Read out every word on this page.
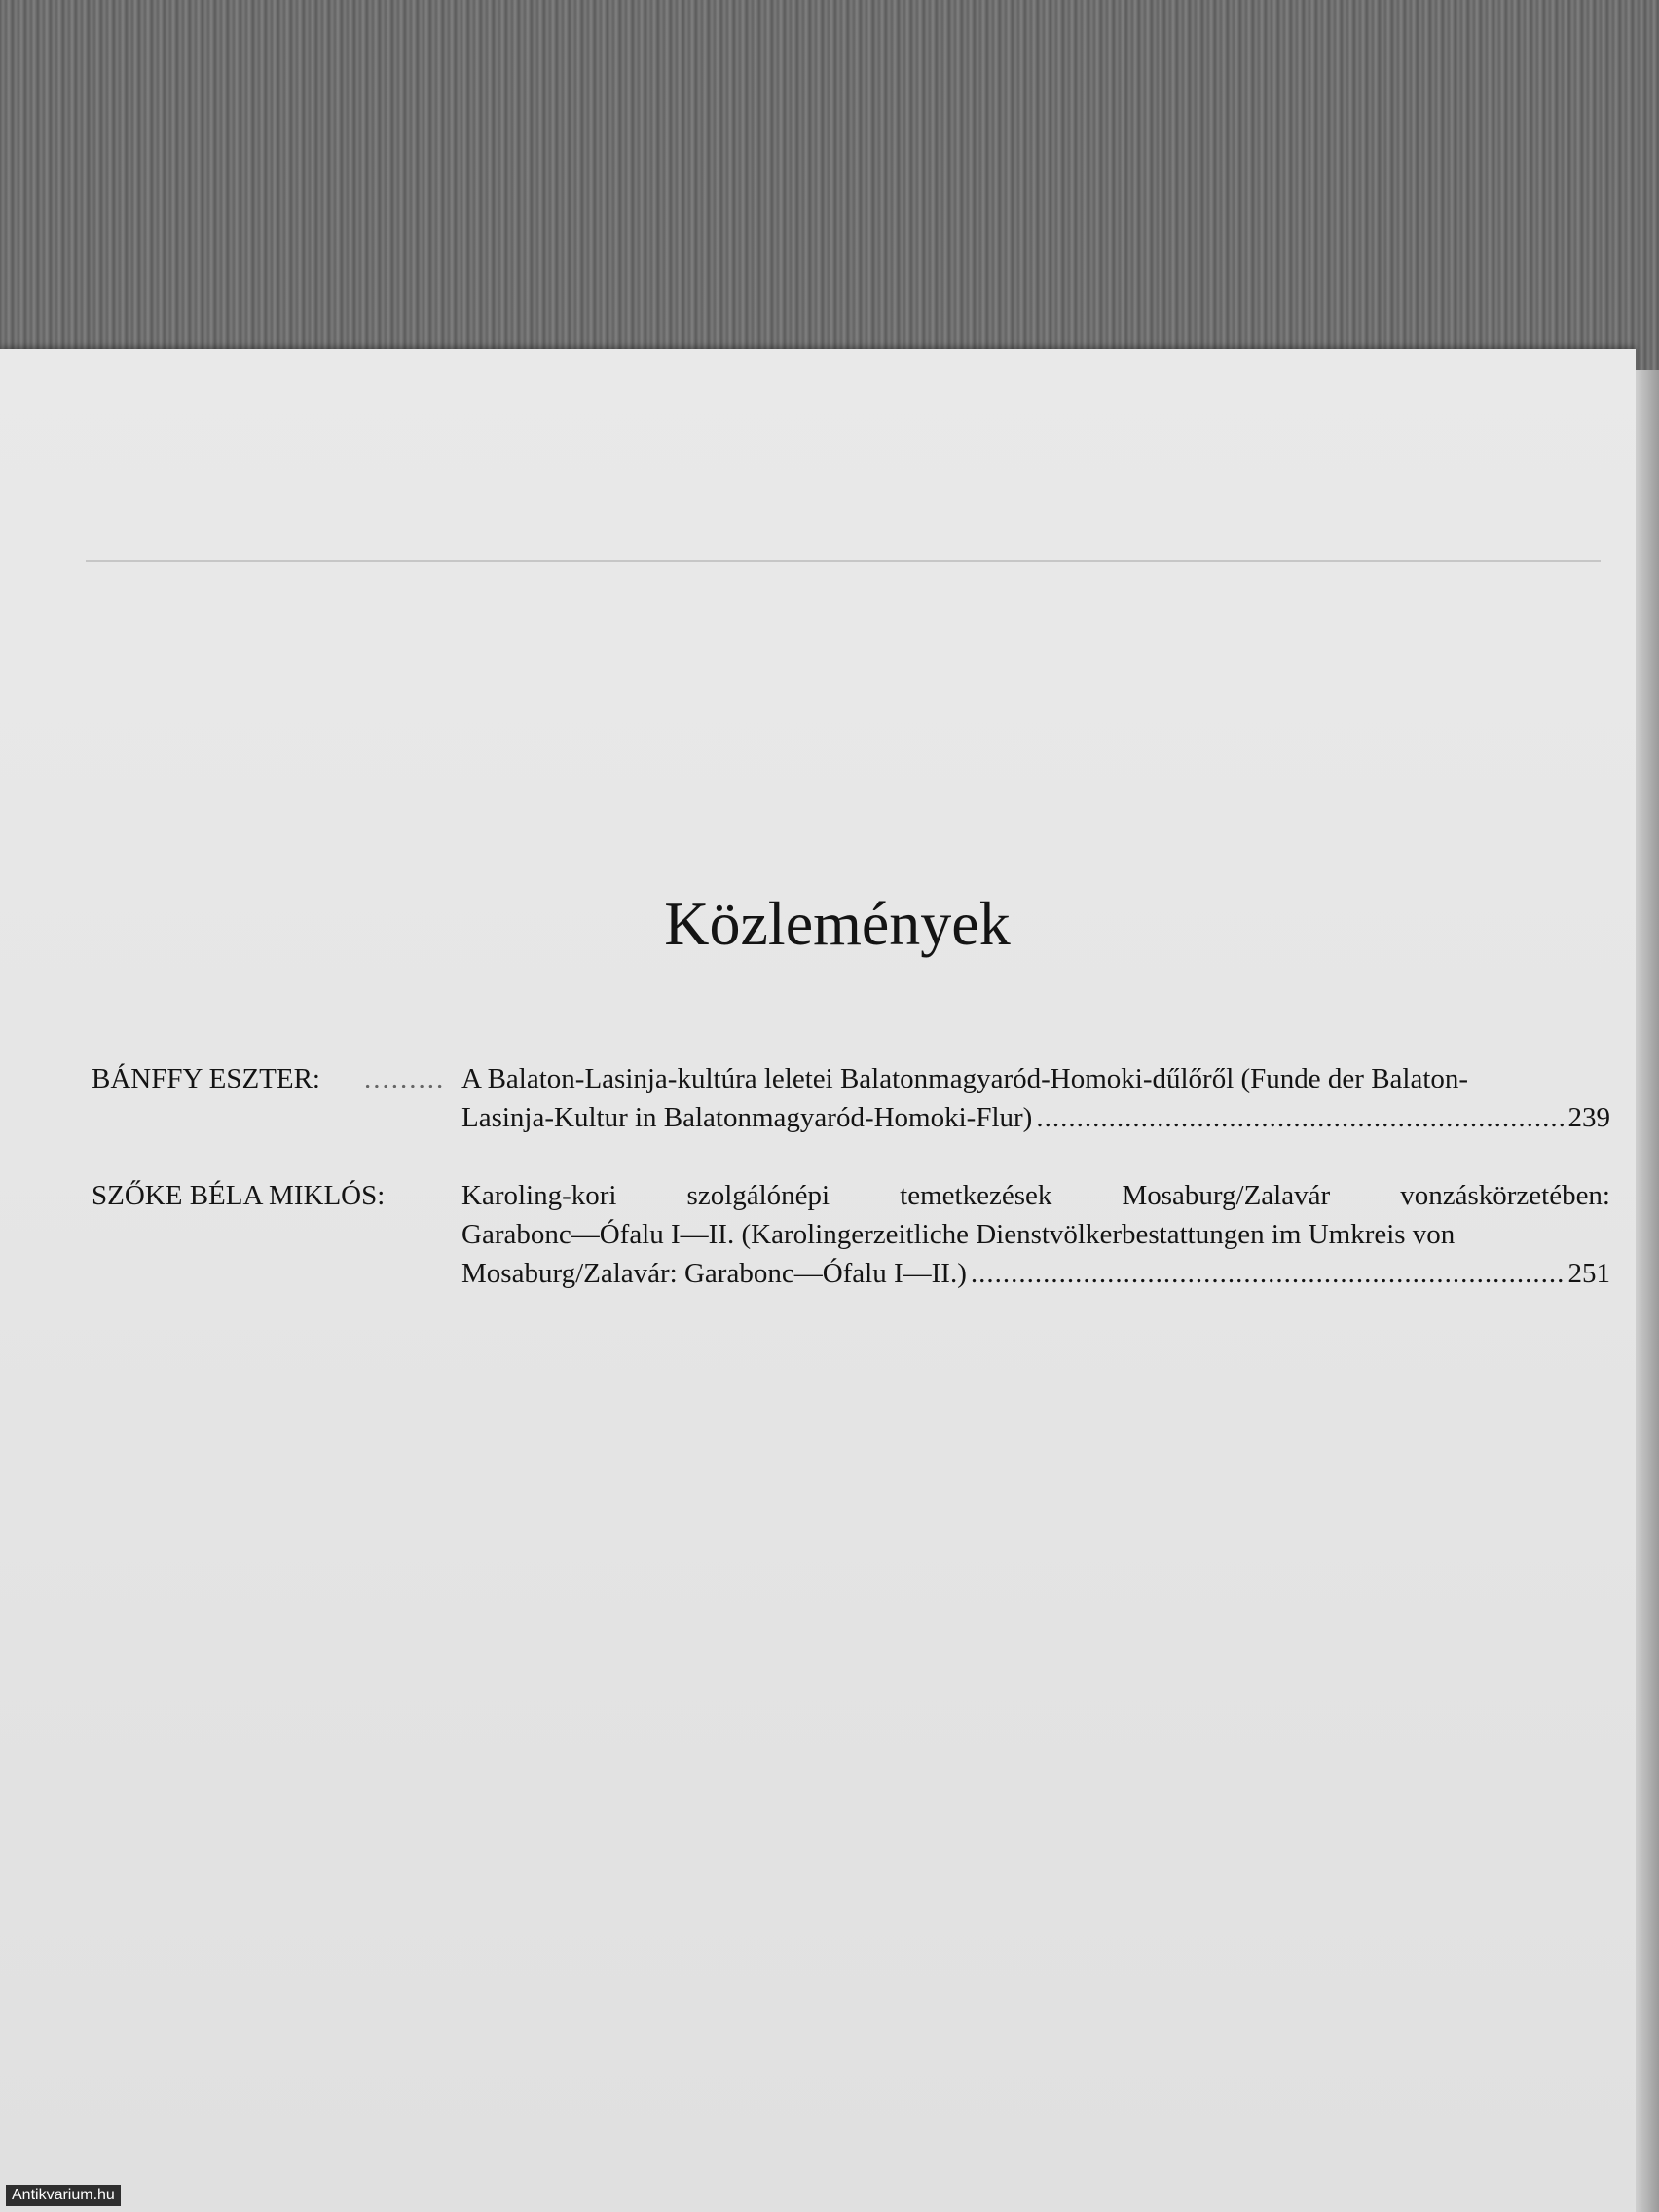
Közlemények
BÁNFFY ESZTER: ......... A Balaton-Lasinja-kultúra leletei Balatonmagyaród-Homoki-dűlőről (Funde der Balaton-
Lasinja-Kultur in Balatonmagyaród-Homoki-Flur) .....	239
SZŐKE BÉLA MIKLÓS:	Karoling-kori szolgálónépi temetkezések Mosaburg/Zalavár vonzáskörzetében:
Garabonc—Ófalu I—II. (Karolingerzeitliche Dienstvölkerbestattungen im Umkreis von
Mosaburg/Zalavár: Garabonc—Ófalu I—II.) .....	251
Antikvarium.hu
